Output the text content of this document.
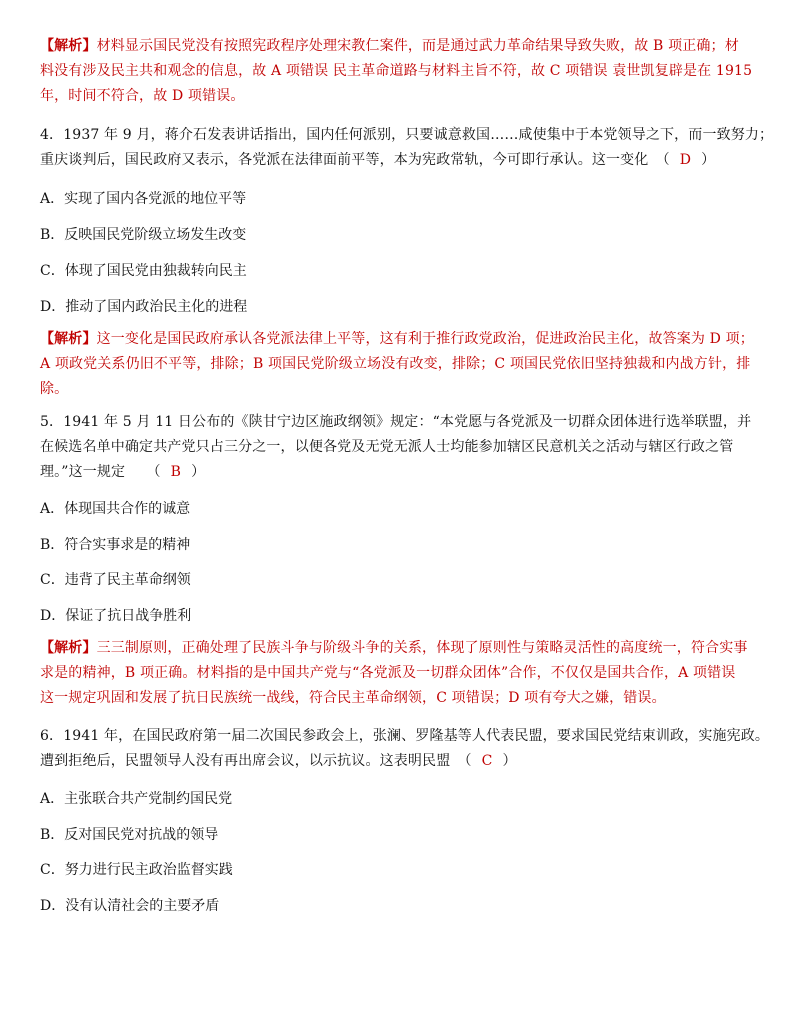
【解析】材料显示国民党没有按照宪政程序处理宋教仁案件，而是通过武力革命结果导致失败，故 B 项正确；材
料没有涉及民主共和观念的信息，故 A 项错误 民主革命道路与材料主旨不符，故 C 项错误 袁世凯复辟是在 1915
年，时间不符合，故 D 项错误。
4．1937 年 9 月，蒋介石发表讲话指出，国内任何派别，只要诚意救国……咸使集中于本党领导之下，而一致努力；
重庆谈判后，国民政府又表示，各党派在法律面前平等，本为宪政常轨，今可即行承认。这一变化　（ D ）
A．实现了国内各党派的地位平等
B．反映国民党阶级立场发生改变
C．体现了国民党由独裁转向民主
D．推动了国内政治民主化的进程
【解析】这一变化是国民政府承认各党派法律上平等，这有利于推行政党政治，促进政治民主化，故答案为 D 项；
A 项政党关系仍旧不平等，排除；B 项国民党阶级立场没有改变，排除；C 项国民党依旧坚持独裁和内战方针，排
除。
5．1941 年 5 月 11 日公布的《陕甘宁边区施政纲领》规定：“本党愿与各党派及一切群众团体进行选举联盟，并
在候选名单中确定共产党只占三分之一，以便各党及无党无派人士均能参加辖区民意机关之活动与辖区行政之管
理。”这一规定　　（ B ）
A．体现国共合作的诚意
B．符合实事求是的精神
C．违背了民主革命纲领
D．保证了抗日战争胜利
【解析】三三制原则，正确处理了民族斗争与阶级斗争的关系，体现了原则性与策略灵活性的高度统一，符合实事
求是的精神，B 项正确。材料指的是中国共产党与“各党派及一切群众团体”合作，不仅仅是国共合作，A 项错误
这一规定巩固和发展了抗日民族统一战线，符合民主革命纲领，C 项错误；D 项有夸大之嫌，错误。
6．1941 年，在国民政府第一届二次国民参政会上，张澜、罗隆基等人代表民盟，要求国民党结束训政，实施宪政。
遭到拒绝后，民盟领导人没有再出席会议，以示抗议。这表明民盟　（ C ）
A．主张联合共产党制约国民党
B．反对国民党对抗战的领导
C．努力进行民主政治监督实践
D．没有认清社会的主要矛盾
